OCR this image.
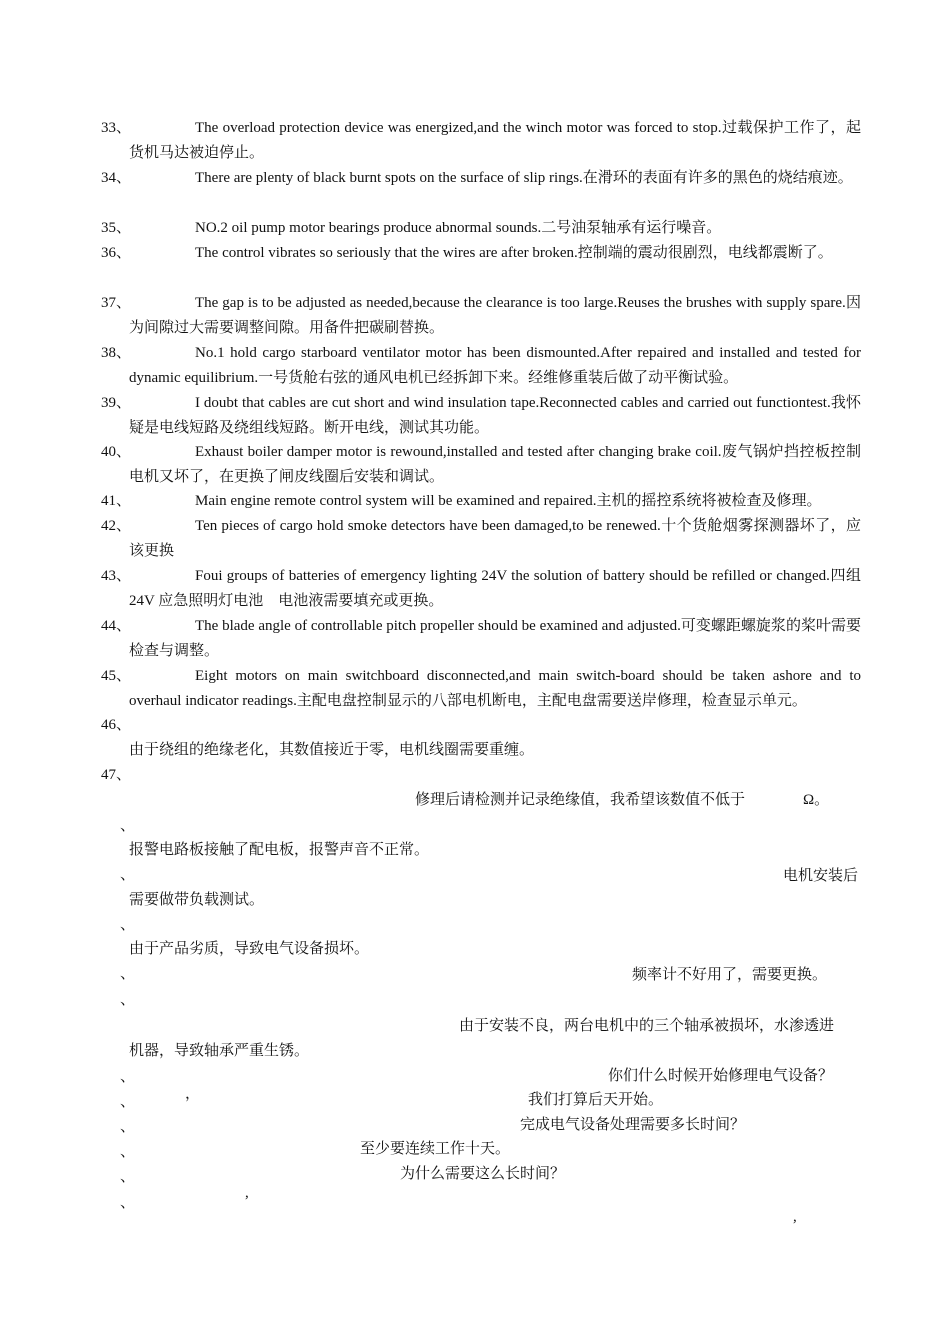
33、	The overload protection device was energized,and the winch motor was forced to stop.过载保护工作了，起货机马达被迫停止。
34、	There are plenty of black burnt spots on the surface of slip rings.在滑环的表面有许多的黑色的烧结痕迹。
35、	NO.2 oil pump motor bearings produce abnormal sounds.二号油泵轴承有运行噪音。
36、	The control vibrates so seriously that the wires are after broken.控制端的震动很剧烈，电线都震断了。
37、	The gap is to be adjusted as needed,because the clearance is too large.Reuses the brushes with supply spare.因为间隙过大需要调整间隙。用备件把碳刷替换。
38、	No.1 hold cargo starboard ventilator motor has been dismounted.After repaired and installed and tested for dynamic equilibrium.一号货舱右弦的通风电机已经拆卸下来。经维修重装后做了动平衡试验。
39、	I doubt that cables are cut short and wind insulation tape.Reconnected cables and carried out functiontest.我怀疑是电线短路及绕组线短路。断开电线，测试其功能。
40、	Exhaust boiler damper motor is rewound,installed and tested after changing brake coil.废气锅炉挡控板控制电机又坏了，在更换了闸皮线圈后安装和调试。
41、	Main engine remote control system will be examined and repaired.主机的摇控系统将被检查及修理。
42、	Ten pieces of cargo hold smoke detectors have been damaged,to be renewed.十个货舱烟雾探测器坏了，应该更换
43、	Foui groups of batteries of emergency lighting 24V the solution of battery should be refilled or changed.四组 24V 应急照明灯电池　电池液需要填充或更换。
44、	The blade angle of controllable pitch propeller should be examined and adjusted.可变螺距螺旋浆的桨叶需要检查与调整。
45、	Eight motors on main switchboard disconnected,and main switch-board should be taken ashore and to overhaul indicator readings.主配电盘控制显示的八部电机断电，主配电盘需要送岸修理，检查显示单元。
46、
由于绕组的绝缘老化，其数值接近于零，电机线圈需要重缠。
47、
修理后请检测并记录绝缘值，我希望该数值不低于	Ω。
、
报警电路板接触了配电板，报警声音不正常。
、	电机安装后
需要做带负载测试。
、
由于产品劣质，导致电气设备损坏。
、	频率计不好用了，需要更换。
、
由于安装不良，两台电机中的三个轴承被损坏，水渗透进
机器，导致轴承严重生锈。
、	你们什么时候开始修理电气设备？
、	，	我们打算后天开始。
、	完成电气设备处理需要多长时间？
、	至少要连续工作十天。
、	为什么需要这么长时间？
、
,
,
